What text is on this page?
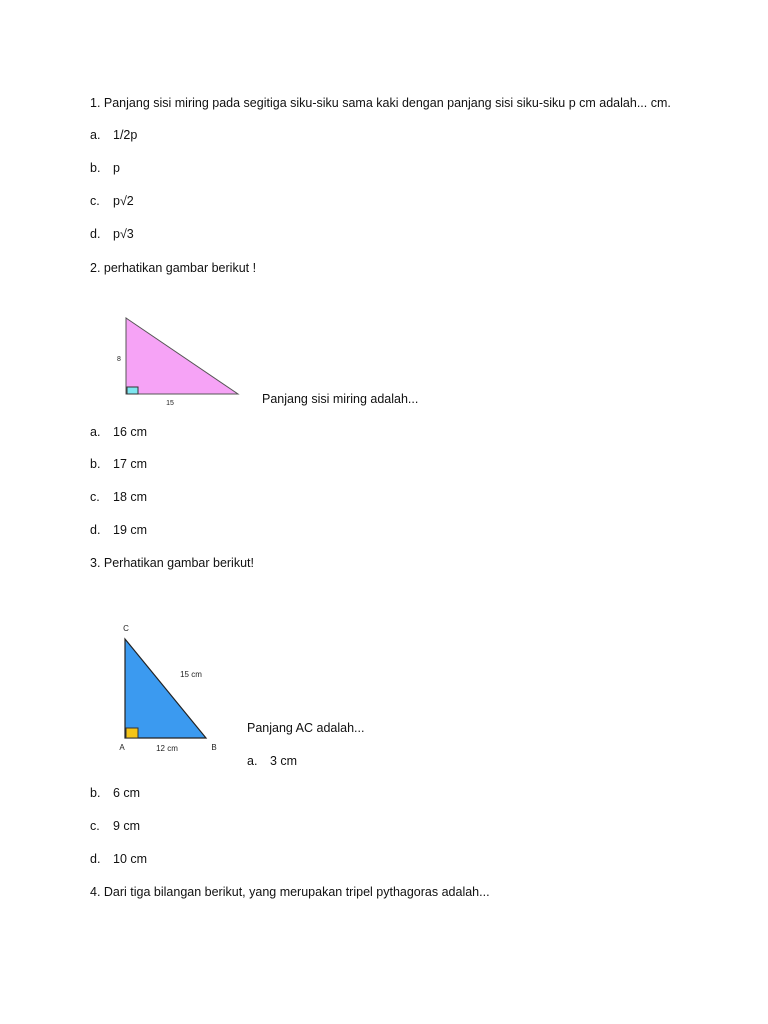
1. Panjang sisi miring pada segitiga siku-siku sama kaki dengan panjang sisi siku-siku p cm adalah... cm.
a. 1/2p
b. p
c. p√2
d. p√3
2. perhatikan gambar berikut !
8
15	Panjang sisi miring adalah...
a. 16 cm
b. 17 cm
c. 18 cm
d. 19 cm
3. Perhatikan gambar berikut!
C
15 cm
A	12 cm	B
Panjang AC adalah...
a. 3 cm
b. 6 cm
c. 9 cm
d. 10 cm
4. Dari tiga bilangan berikut, yang merupakan tripel pythagoras adalah...
